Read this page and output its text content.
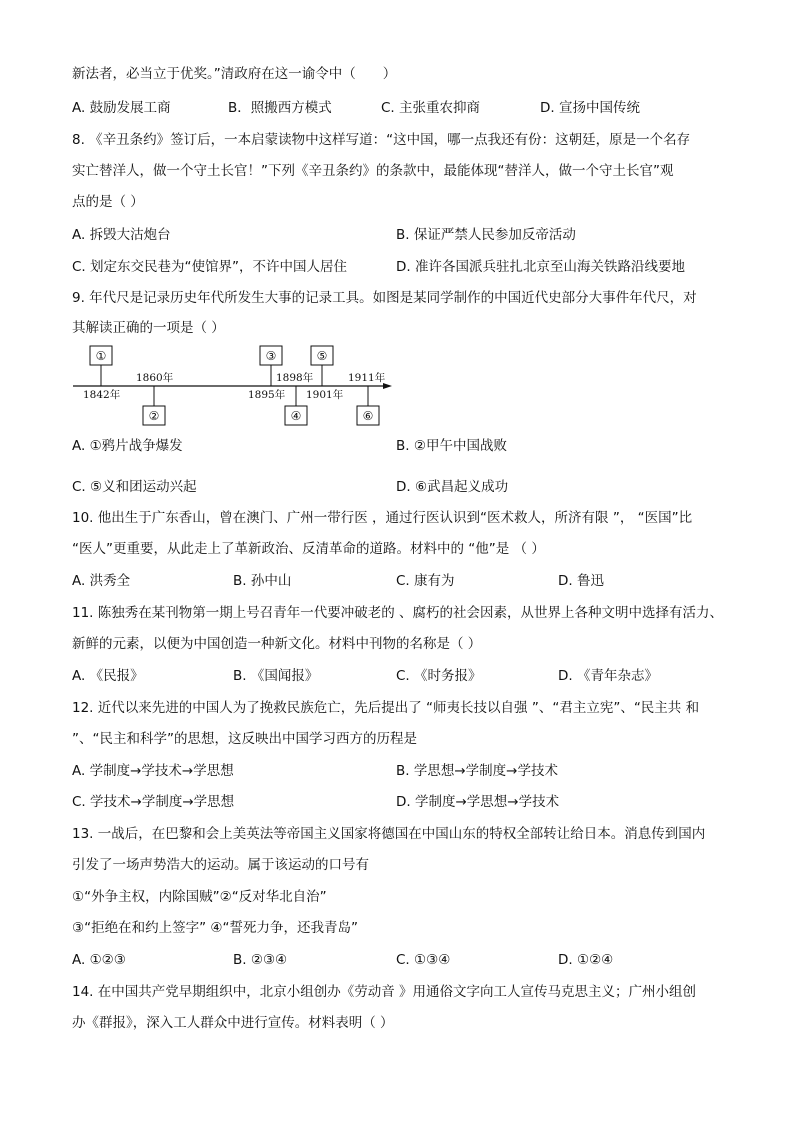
新法者，必当立于优奖。”清政府在这一谕令中（　　）
A. 鼓励发展工商	B．照搬西方模式	C. 主张重农抑商	D. 宣扬中国传统
8. 《辛丑条约》签订后，一本启蒙读物中这样写道：“这中国，哪一点我还有份：这朝廷，原是一个名存
实亡替洋人，做一个守土长官！”下列《辛丑条约》的条款中，最能体现“替洋人，做一个守土长官”观
点的是（ ）
A. 拆毁大沽炮台	B. 保证严禁人民参加反帝活动
C. 划定东交民巷为“使馆界”，不许中国人居住	D. 准许各国派兵驻扎北京至山海关铁路沿线要地
9. 年代尺是记录历史年代所发生大事的记录工具。如图是某同学制作的中国近代史部分大事件年代尺，对
其解读正确的一项是（ ）
①
1842年
1860年
②
③
1895年
1898年
④
⑤
1901年
1911年
⑥
A. ①鸦片战争爆发	B. ②甲午中国战败
C. ⑤义和团运动兴起	D. ⑥武昌起义成功
10. 他出生于广东香山，曾在澳门、广州一带行医 ，通过行医认识到“医术救人，所济有限 ”， “医国”比
“医人”更重要，从此走上了革新政治、反清革命的道路。材料中的 “他”是 （ ）
A. 洪秀全	B. 孙中山	C. 康有为	D. 鲁迅
11. 陈独秀在某刊物第一期上号召青年一代要冲破老的 、腐朽的社会因素，从世界上各种文明中选择有活力、
新鲜的元素，以便为中国创造一种新文化。材料中刊物的名称是（ ）
A. 《民报》	B. 《国闻报》	C. 《时务报》	D. 《青年杂志》
12. 近代以来先进的中国人为了挽救民族危亡，先后提出了 “师夷长技以自强 ”、“君主立宪”、“民主共 和
”、“民主和科学”的思想，这反映出中国学习西方的历程是
A. 学制度→学技术→学思想	B. 学思想→学制度→学技术
C. 学技术→学制度→学思想	D. 学制度→学思想→学技术
13. 一战后，在巴黎和会上美英法等帝国主义国家将德国在中国山东的特权全部转让给日本。消息传到国内
引发了一场声势浩大的运动。属于该运动的口号有
①“外争主权，内除国贼”②“反对华北自治”
③“拒绝在和约上签字” ④“誓死力争，还我青岛”
A. ①②③	B. ②③④	C. ①③④	D. ①②④
14. 在中国共产党早期组织中，北京小组创办《劳动音 》用通俗文字向工人宣传马克思主义；广州小组创
办《群报》，深入工人群众中进行宣传。材料表明（ ）
